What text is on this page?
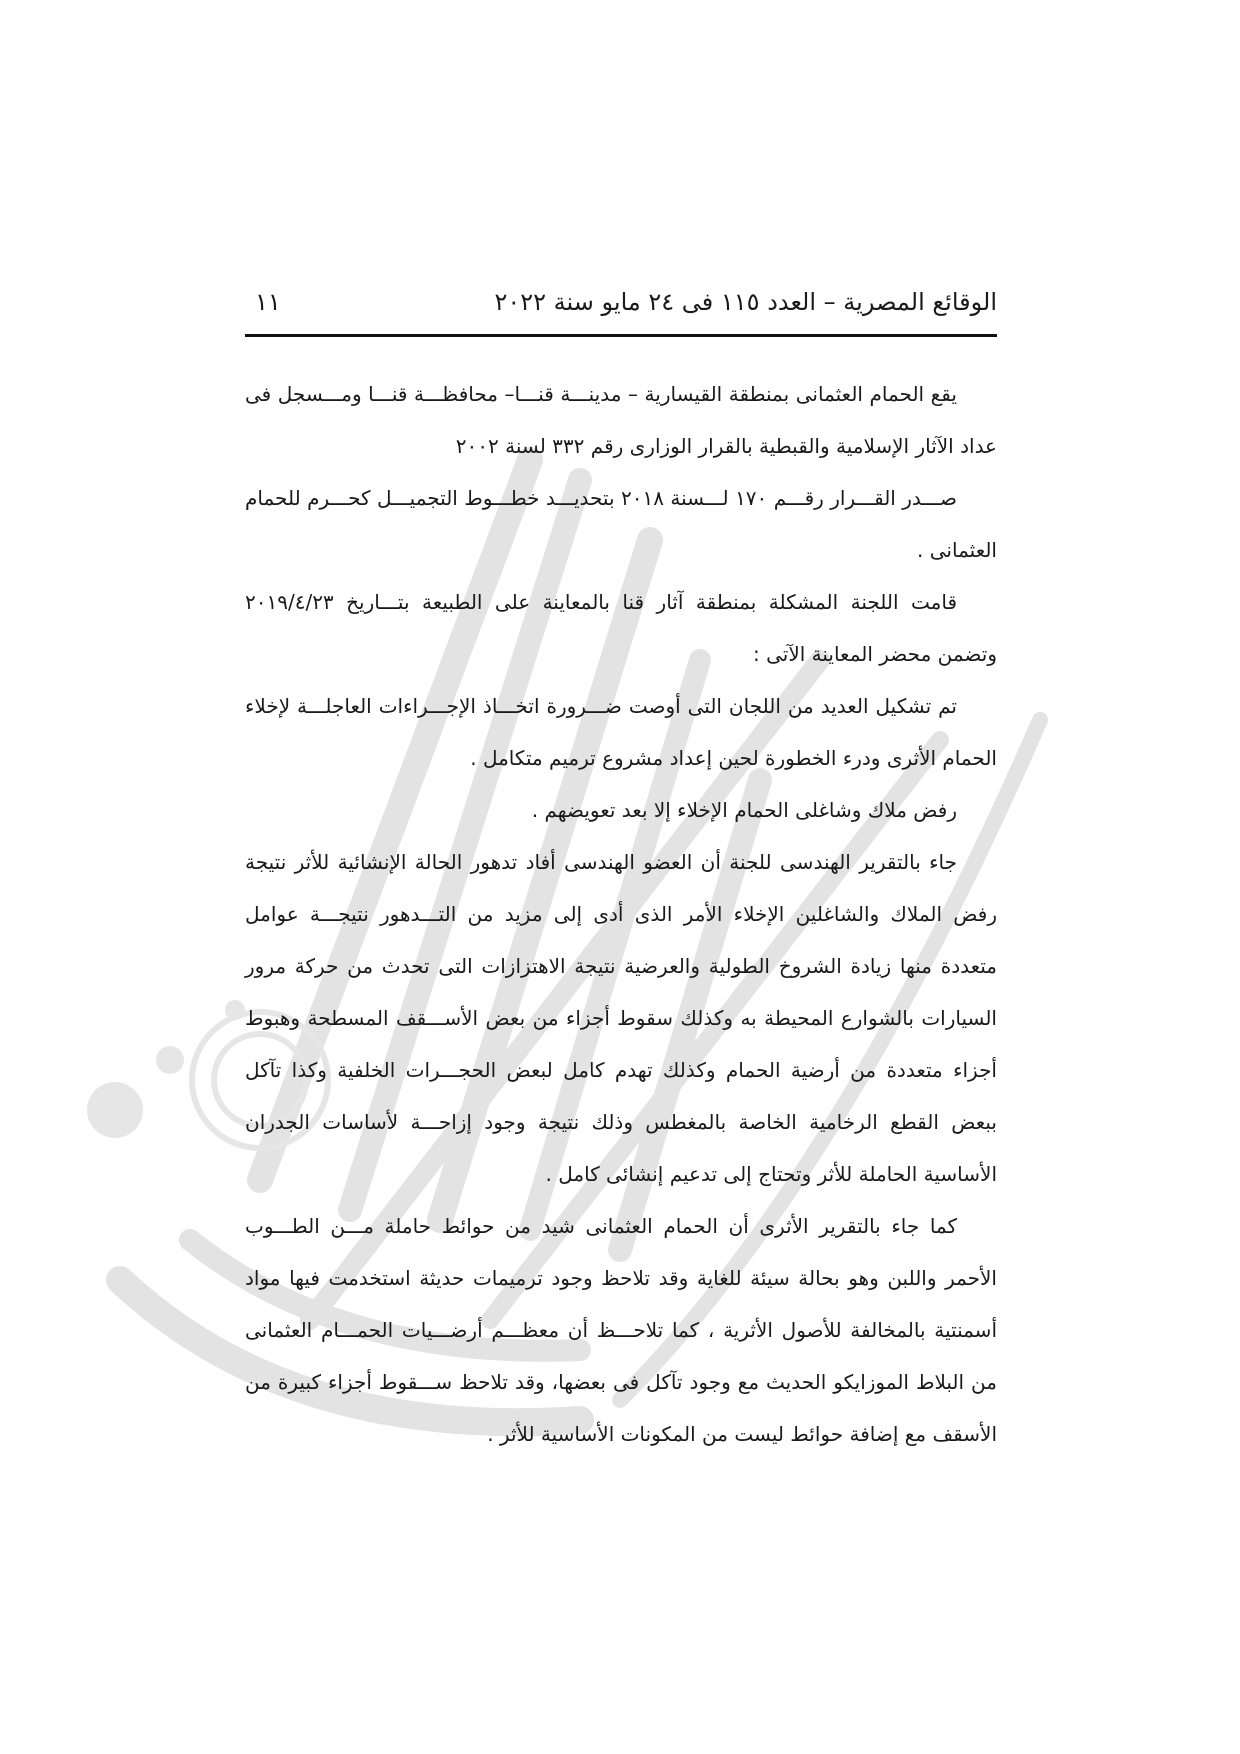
الوقائع المصرية – العدد ١١٥ فى ٢٤ مايو سنة ٢٠٢٢
١١

يقع الحمام العثمانى بمنطقة القيسارية – مدينـــة قنـــا– محافظـــة قنـــا ومـــسجل فى عداد الآثار الإسلامية والقبطية بالقرار الوزارى رقم ٣٣٢ لسنة ٢٠٠٢

صـــدر القـــرار رقـــم ١٧٠ لـــسنة ٢٠١٨ بتحديـــد خطـــوط التجميـــل كحـــرم للحمام العثمانى .

قامت اللجنة المشكلة بمنطقة آثار قنا بالمعاينة على الطبيعة بتـــاريخ ٢٠١٩/٤/٢٣ وتضمن محضر المعاينة الآتى :

تم تشكيل العديد من اللجان التى أوصت ضـــرورة اتخـــاذ الإجـــراءات العاجلـــة لإخلاء الحمام الأثرى ودرء الخطورة لحين إعداد مشروع ترميم متكامل .

رفض ملاك وشاغلى الحمام الإخلاء إلا بعد تعويضهم .

جاء بالتقرير الهندسى للجنة أن العضو الهندسى أفاد تدهور الحالة الإنشائية للأثر نتيجة رفض الملاك والشاغلين الإخلاء الأمر الذى أدى إلى مزيد من التـــدهور نتيجـــة عوامل متعددة منها زيادة الشروخ الطولية والعرضية نتيجة الاهتزازات التى تحدث من حركة مرور السيارات بالشوارع المحيطة به وكذلك سقوط أجزاء من بعض الأســـقف المسطحة وهبوط أجزاء متعددة من أرضية الحمام وكذلك تهدم كامل لبعض الحجـــرات الخلفية وكذا تآكل ببعض القطع الرخامية الخاصة بالمغطس وذلك نتيجة وجود إزاحـــة لأساسات الجدران الأساسية الحاملة للأثر وتحتاج إلى تدعيم إنشائى كامل .

كما جاء بالتقرير الأثرى أن الحمام العثمانى شيد من حوائط حاملة مـــن الطـــوب الأحمر واللبن وهو بحالة سيئة للغاية وقد تلاحظ وجود ترميمات حديثة استخدمت فيها مواد أسمنتية بالمخالفة للأصول الأثرية ، كما تلاحـــظ أن معظـــم أرضـــيات الحمـــام العثمانى من البلاط الموزايكو الحديث مع وجود تآكل فى بعضها، وقد تلاحظ ســـقوط أجزاء كبيرة من الأسقف مع إضافة حوائط ليست من المكونات الأساسية للأثر .
